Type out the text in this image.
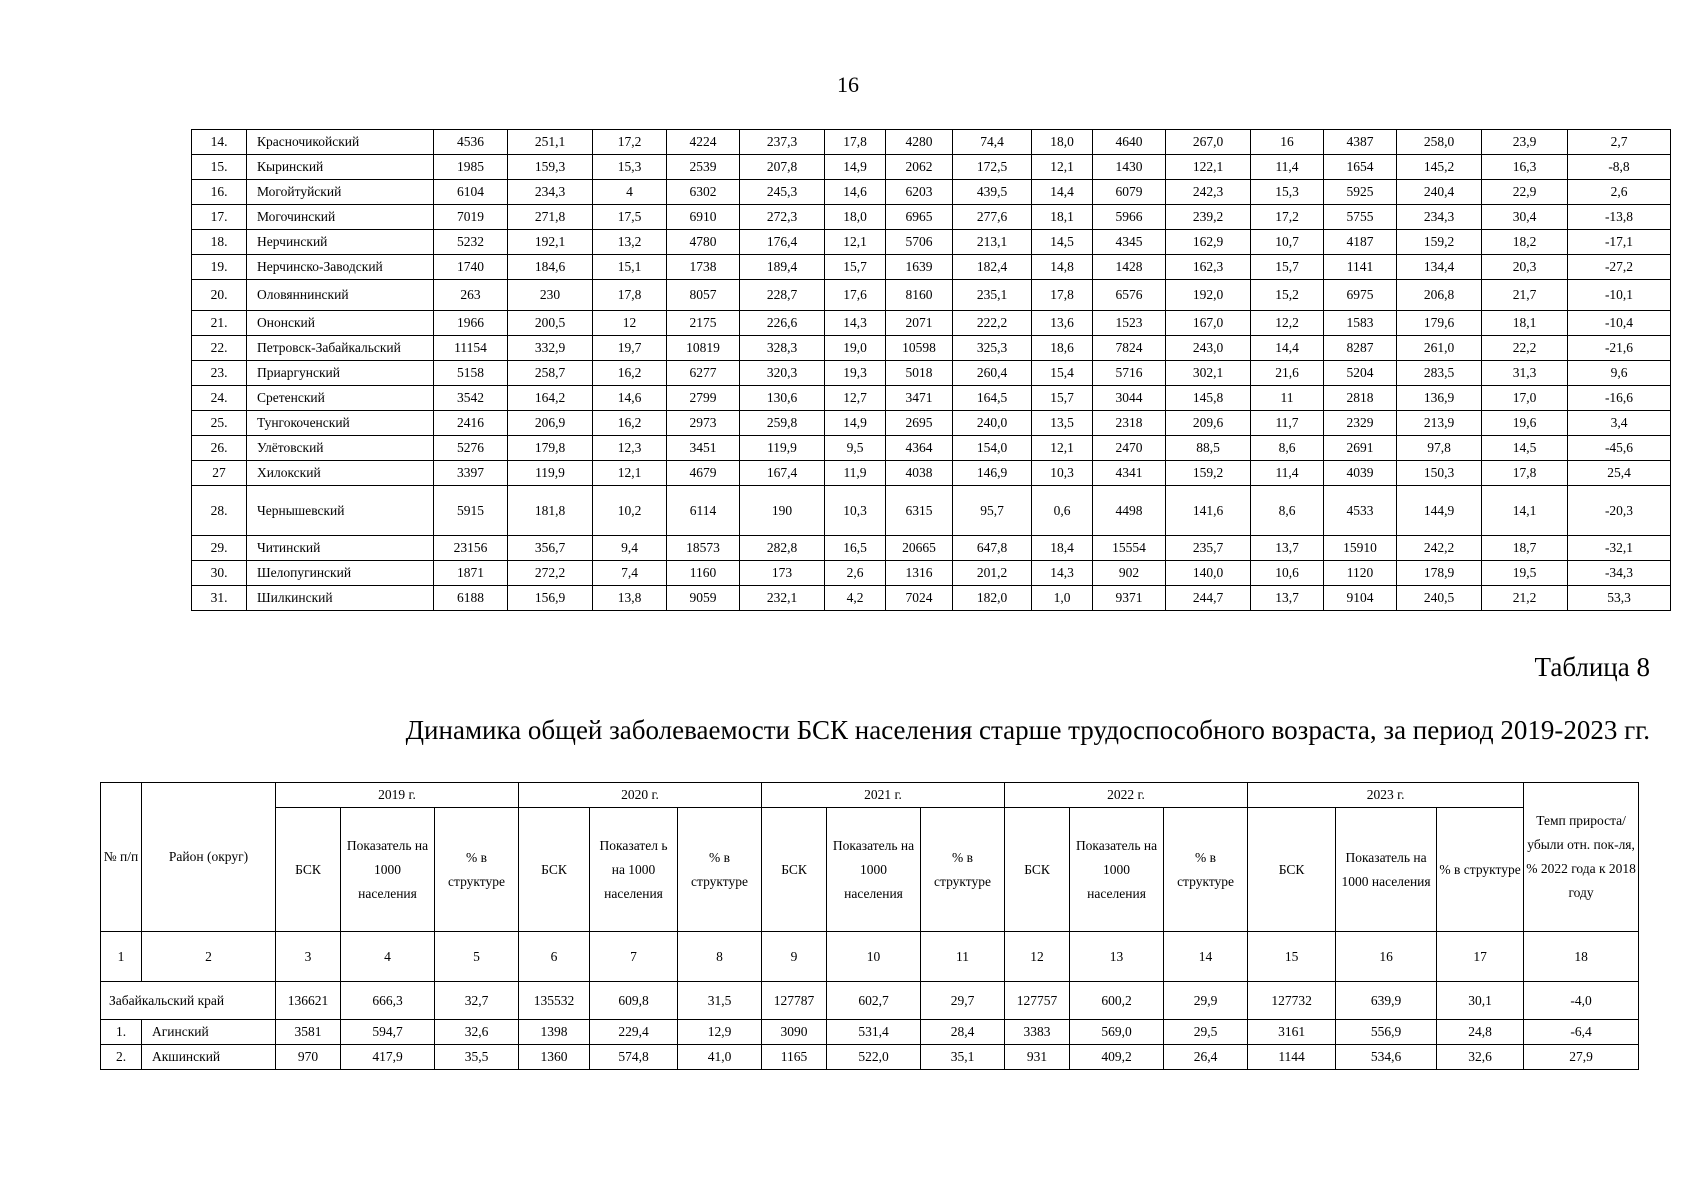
16
14.	Красночикойский	4536	251,1	17,2	4224	237,3	17,8	4280	74,4	18,0	4640	267,0	16	4387	258,0	23,9	2,7
15.	Кыринский	1985	159,3	15,3	2539	207,8	14,9	2062	172,5	12,1	1430	122,1	11,4	1654	145,2	16,3	-8,8
16.	Могойтуйский	6104	234,3	4	6302	245,3	14,6	6203	439,5	14,4	6079	242,3	15,3	5925	240,4	22,9	2,6
17.	Могочинский	7019	271,8	17,5	6910	272,3	18,0	6965	277,6	18,1	5966	239,2	17,2	5755	234,3	30,4	-13,8
18.	Нерчинский	5232	192,1	13,2	4780	176,4	12,1	5706	213,1	14,5	4345	162,9	10,7	4187	159,2	18,2	-17,1
19.	Нерчинско-Заводский	1740	184,6	15,1	1738	189,4	15,7	1639	182,4	14,8	1428	162,3	15,7	1141	134,4	20,3	-27,2
20.	Оловяннинский	263	230	17,8	8057	228,7	17,6	8160	235,1	17,8	6576	192,0	15,2	6975	206,8	21,7	-10,1
21.	Ононский	1966	200,5	12	2175	226,6	14,3	2071	222,2	13,6	1523	167,0	12,2	1583	179,6	18,1	-10,4
22.	Петровск-Забайкальский	11154	332,9	19,7	10819	328,3	19,0	10598	325,3	18,6	7824	243,0	14,4	8287	261,0	22,2	-21,6
23.	Приаргунский	5158	258,7	16,2	6277	320,3	19,3	5018	260,4	15,4	5716	302,1	21,6	5204	283,5	31,3	9,6
24.	Сретенский	3542	164,2	14,6	2799	130,6	12,7	3471	164,5	15,7	3044	145,8	11	2818	136,9	17,0	-16,6
25.	Тунгокоченский	2416	206,9	16,2	2973	259,8	14,9	2695	240,0	13,5	2318	209,6	11,7	2329	213,9	19,6	3,4
26.	Улётовский	5276	179,8	12,3	3451	119,9	9,5	4364	154,0	12,1	2470	88,5	8,6	2691	97,8	14,5	-45,6
27	Хилокский	3397	119,9	12,1	4679	167,4	11,9	4038	146,9	10,3	4341	159,2	11,4	4039	150,3	17,8	25,4
28.	Чернышевский	5915	181,8	10,2	6114	190	10,3	6315	95,7	0,6	4498	141,6	8,6	4533	144,9	14,1	-20,3
29.	Читинский	23156	356,7	9,4	18573	282,8	16,5	20665	647,8	18,4	15554	235,7	13,7	15910	242,2	18,7	-32,1
30.	Шелопугинский	1871	272,2	7,4	1160	173	2,6	1316	201,2	14,3	902	140,0	10,6	1120	178,9	19,5	-34,3
31.	Шилкинский	6188	156,9	13,8	9059	232,1	4,2	7024	182,0	1,0	9371	244,7	13,7	9104	240,5	21,2	53,3
Таблица 8
Динамика общей заболеваемости БСК населения старше трудоспособного возраста, за период 2019-2023 гг.
№ п/п	Район (округ)	2019 г.			2020 г.			2021 г.			2022 г.			2023 г.			Темп прироста/ убыли отн. пок-ля, % 2022 года к 2018 году
		БСК	Показатель на 1000 населения	% в структуре	БСК	Показател ь на 1000 населения	% в структуре	БСК	Показатель на 1000 населения	% в структуре	БСК	Показатель на 1000 населения	% в структуре	БСК	Показатель на 1000 населения	% в структуре	
1	2	3	4	5	6	7	8	9	10	11	12	13	14	15	16	17	18
Забайкальский край		136621	666,3	32,7	135532	609,8	31,5	127787	602,7	29,7	127757	600,2	29,9	127732	639,9	30,1	-4,0
1.	Агинский	3581	594,7	32,6	1398	229,4	12,9	3090	531,4	28,4	3383	569,0	29,5	3161	556,9	24,8	-6,4
2.	Акшинский	970	417,9	35,5	1360	574,8	41,0	1165	522,0	35,1	931	409,2	26,4	1144	534,6	32,6	27,9
